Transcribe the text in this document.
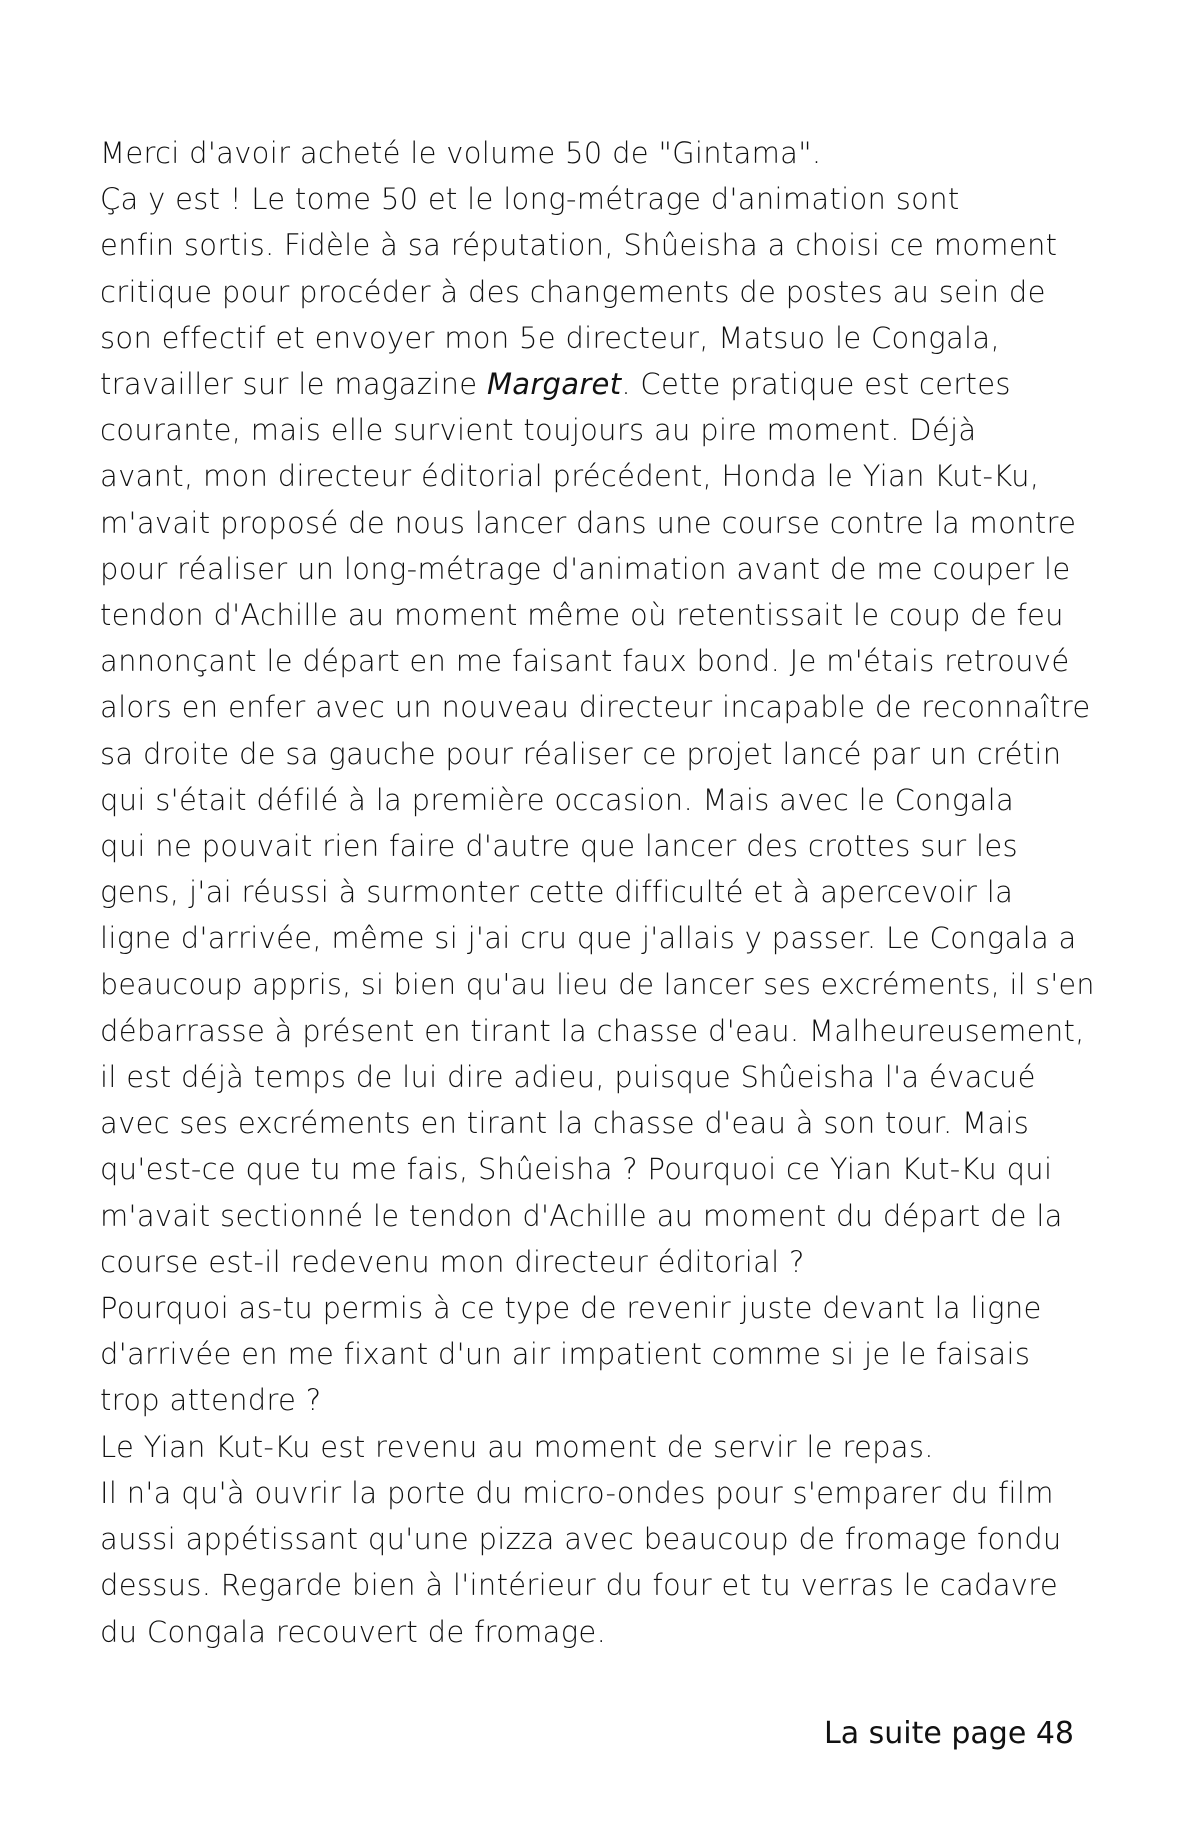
Merci d'avoir acheté le volume 50 de "Gintama".
Ça y est ! Le tome 50 et le long-métrage d'animation sont
enfin sortis. Fidèle à sa réputation, Shûeisha a choisi ce moment
critique pour procéder à des changements de postes au sein de
son effectif et envoyer mon 5e directeur, Matsuo le Congala,
travailler sur le magazine Margaret. Cette pratique est certes
courante, mais elle survient toujours au pire moment. Déjà
avant, mon directeur éditorial précédent, Honda le Yian Kut-Ku,
m'avait proposé de nous lancer dans une course contre la montre
pour réaliser un long-métrage d'animation avant de me couper le
tendon d'Achille au moment même où retentissait le coup de feu
annonçant le départ en me faisant faux bond. Je m'étais retrouvé
alors en enfer avec un nouveau directeur incapable de reconnaître
sa droite de sa gauche pour réaliser ce projet lancé par un crétin
qui s'était défilé à la première occasion. Mais avec le Congala
qui ne pouvait rien faire d'autre que lancer des crottes sur les
gens, j'ai réussi à surmonter cette difficulté et à apercevoir la
ligne d'arrivée, même si j'ai cru que j'allais y passer. Le Congala a
beaucoup appris, si bien qu'au lieu de lancer ses excréments, il s'en
débarrasse à présent en tirant la chasse d'eau. Malheureusement,
il est déjà temps de lui dire adieu, puisque Shûeisha l'a évacué
avec ses excréments en tirant la chasse d'eau à son tour. Mais
qu'est-ce que tu me fais, Shûeisha ? Pourquoi ce Yian Kut-Ku qui
m'avait sectionné le tendon d'Achille au moment du départ de la
course est-il redevenu mon directeur éditorial ?
Pourquoi as-tu permis à ce type de revenir juste devant la ligne
d'arrivée en me fixant d'un air impatient comme si je le faisais
trop attendre ?
Le Yian Kut-Ku est revenu au moment de servir le repas.
Il n'a qu'à ouvrir la porte du micro-ondes pour s'emparer du film
aussi appétissant qu'une pizza avec beaucoup de fromage fondu
dessus. Regarde bien à l'intérieur du four et tu verras le cadavre
du Congala recouvert de fromage.
La suite page 48
